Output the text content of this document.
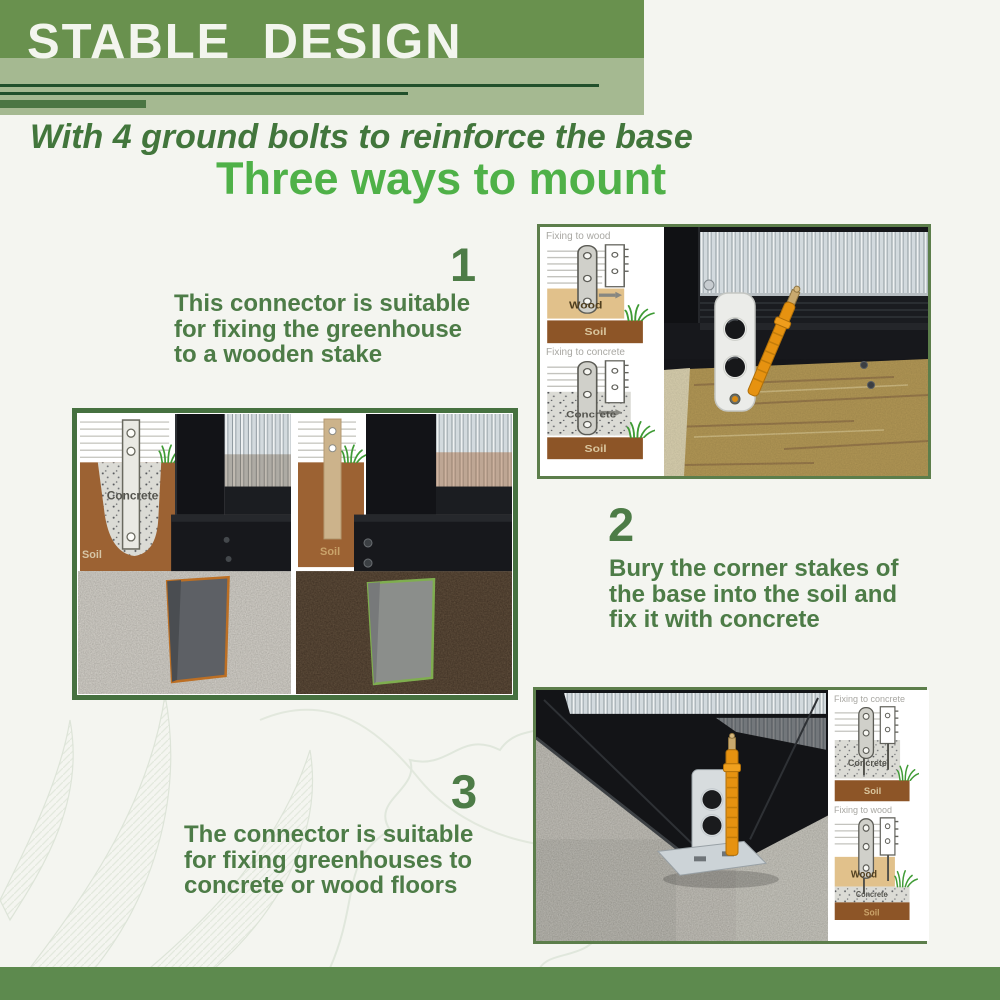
STABLE  DESIGN
With 4 ground bolts to reinforce the base
Three ways to mount
1
This connector is suitable
for fixing the greenhouse
to a wooden stake
2
Bury the corner stakes of
the base into the soil and
fix it with concrete
3
The connector is suitable
for fixing greenhouses to
concrete or wood floors
Fixing to wood
Wood
Soil
Fixing to concrete
Concrete
Soil
Concrete
Soil	Soil
Fixing to concrete
Concrete
Soil
Fixing to wood
Wood
Concrete
Soil
